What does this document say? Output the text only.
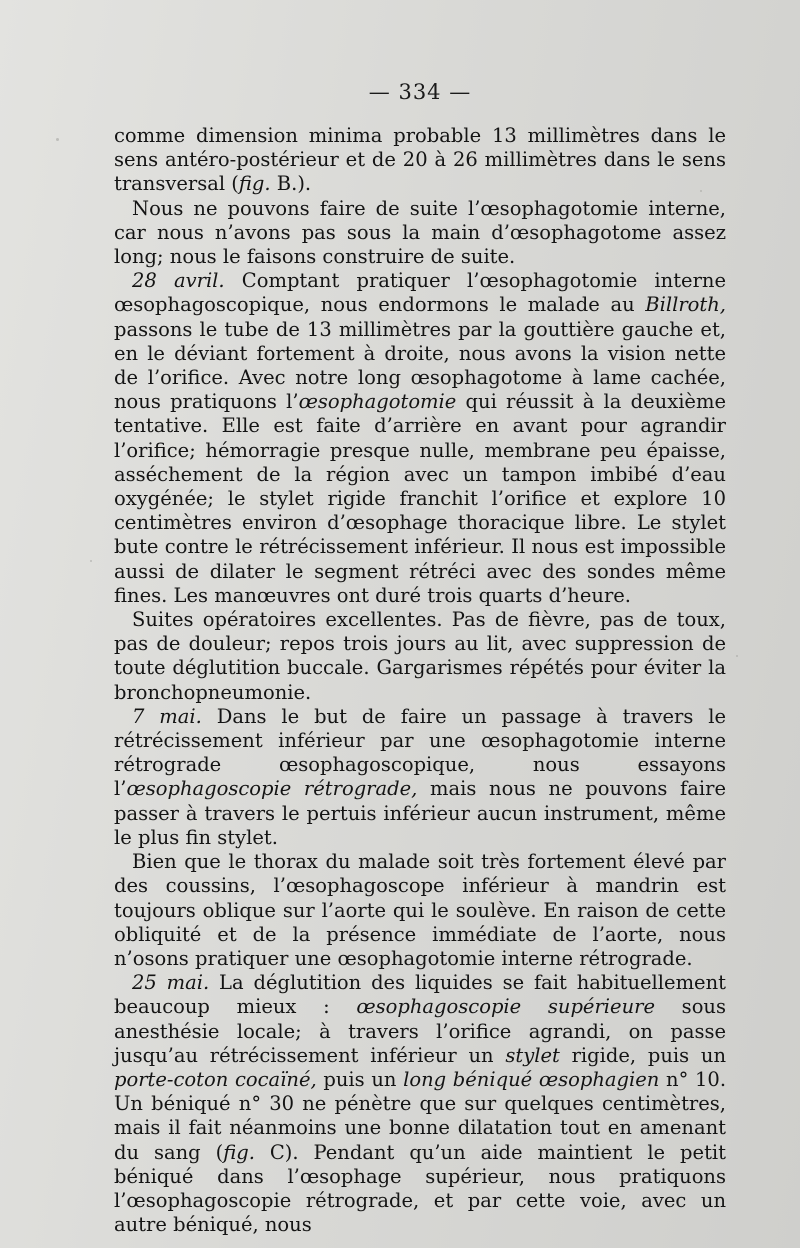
— 334 —

comme dimension minima probable 13 millimètres dans le sens antéro-postérieur et de 20 à 26 millimètres dans le sens transversal (fig. B.).

Nous ne pouvons faire de suite l’œsophagotomie interne, car nous n’avons pas sous la main d’œsophagotome assez long; nous le faisons construire de suite.

28 avril. Comptant pratiquer l’œsophagotomie interne œsophagoscopique, nous endormons le malade au Billroth, passons le tube de 13 millimètres par la gouttière gauche et, en le déviant fortement à droite, nous avons la vision nette de l’orifice. Avec notre long œsophagotome à lame cachée, nous pratiquons l’œsophagotomie qui réussit à la deuxième tentative. Elle est faite d’arrière en avant pour agrandir l’orifice; hémorragie presque nulle, membrane peu épaisse, asséchement de la région avec un tampon imbibé d’eau oxygénée; le stylet rigide franchit l’orifice et explore 10 centimètres environ d’œsophage thoracique libre. Le stylet bute contre le rétrécissement inférieur. Il nous est impossible aussi de dilater le segment rétréci avec des sondes même fines. Les manœuvres ont duré trois quarts d’heure.

Suites opératoires excellentes. Pas de fièvre, pas de toux, pas de douleur; repos trois jours au lit, avec suppression de toute déglutition buccale. Gargarismes répétés pour éviter la bronchopneumonie.

7 mai. Dans le but de faire un passage à travers le rétrécissement inférieur par une œsophagotomie interne rétrograde œsophagoscopique, nous essayons l’œsophagoscopie rétrograde, mais nous ne pouvons faire passer à travers le pertuis inférieur aucun instrument, même le plus fin stylet.

Bien que le thorax du malade soit très fortement élevé par des coussins, l’œsophagoscope inférieur à mandrin est toujours oblique sur l’aorte qui le soulève. En raison de cette obliquité et de la présence immédiate de l’aorte, nous n’osons pratiquer une œsophagotomie interne rétrograde.

25 mai. La déglutition des liquides se fait habituellement beaucoup mieux : œsophagoscopie supérieure sous anesthésie locale; à travers l’orifice agrandi, on passe jusqu’au rétrécissement inférieur un stylet rigide, puis un porte-coton cocaïné, puis un long béniqué œsophagien n° 10. Un béniqué n° 30 ne pénètre que sur quelques centimètres, mais il fait néanmoins une bonne dilatation tout en amenant du sang (fig. C). Pendant qu’un aide maintient le petit béniqué dans l’œsophage supérieur, nous pratiquons l’œsophagoscopie rétrograde, et par cette voie, avec un autre béniqué, nous
